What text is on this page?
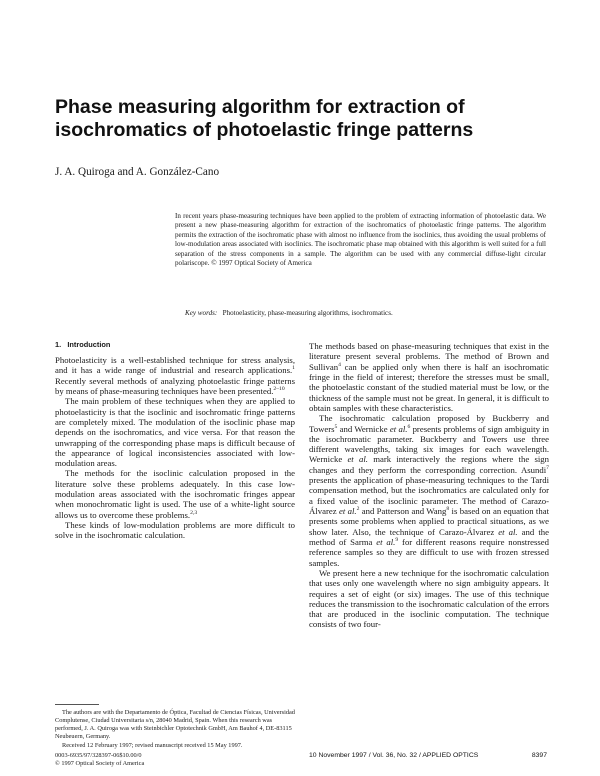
Phase measuring algorithm for extraction of isochromatics of photoelastic fringe patterns
J. A. Quiroga and A. González-Cano

In recent years phase-measuring techniques have been applied to the problem of extracting information of photoelastic data. We present a new phase-measuring algorithm for extraction of the isochromatics of photoelastic fringe patterns. The algorithm permits the extraction of the isochromatic phase with almost no influence from the isoclinics, thus avoiding the usual problems of low-modulation areas associated with isoclinics. The isochromatic phase map obtained with this algorithm is well suited for a full separation of the stress components in a sample. The algorithm can be used with any commercial diffuse-light circular polariscope. © 1997 Optical Society of America

Key words: Photoelasticity, phase-measuring algorithms, isochromatics.

1. Introduction

Photoelasticity is a well-established technique for stress analysis, and it has a wide range of industrial and research applications.$^1$ Recently several methods of analyzing photoelastic fringe patterns by means of phase-measuring techniques have been presented.$^{2-10}$

The main problem of these techniques when they are applied to photoelasticity is that the isoclinic and isochromatic fringe patterns are completely mixed. The modulation of the isoclinic phase map depends on the isochromatics, and vice versa. For that reason the unwrapping of the corresponding phase maps is difficult because of the appearance of logical inconsistencies associated with low-modulation areas.

The methods for the isoclinic calculation proposed in the literature solve these problems adequately. In this case low-modulation areas associated with the isochromatic fringes appear when monochromatic light is used. The use of a white-light source allows us to overcome these problems.$^{2,3}$

These kinds of low-modulation problems are more difficult to solve in the isochromatic calculation.

The authors are with the Departamento de Óptica, Facultad de Ciencias Físicas, Universidad Complutense, Ciudad Universitaria s/n, 28040 Madrid, Spain. When this research was performed, J. A. Quiroga was with Steinbichler Optotechnik GmbH, Am Bauhof 4, DE-83115 Neubeuern, Germany.

Received 12 February 1997; revised manuscript received 15 May 1997.

0003-6935/97/328397-06$10.00/0

© 1997 Optical Society of America

The methods based on phase-measuring techniques that exist in the literature present several problems. The method of Brown and Sullivan$^4$ can be applied only when there is half an isochromatic fringe in the field of interest; therefore the stresses must be small, the photoelastic constant of the studied material must be low, or the thickness of the sample must not be great. In general, it is difficult to obtain samples with these characteristics.

The isochromatic calculation proposed by Buckberry and Towers$^5$ and Wernicke et al.$^6$ presents problems of sign ambiguity in the isochromatic parameter. Buckberry and Towers use three different wavelengths, taking six images for each wavelength. Wernicke et al. mark interactively the regions where the sign changes and they perform the corresponding correction. Asundi$^7$ presents the application of phase-measuring techniques to the Tardi compensation method, but the isochromatics are calculated only for a fixed value of the isoclinic parameter. The method of Carazo-Álvarez et al.$^2$ and Patterson and Wang$^8$ is based on an equation that presents some problems when applied to practical situations, as we show later. Also, the technique of Carazo-Álvarez et al. and the method of Sarma et al.$^9$ for different reasons require nonstressed reference samples so they are difficult to use with frozen stressed samples.

We present here a new technique for the isochromatic calculation that uses only one wavelength where no sign ambiguity appears. It requires a set of eight (or six) images. The use of this technique reduces the transmission to the isochromatic calculation of the errors that are produced in the isoclinic computation. The technique consists of two four-

10 November 1997 / Vol. 36, No. 32 / APPLIED OPTICS	8397
